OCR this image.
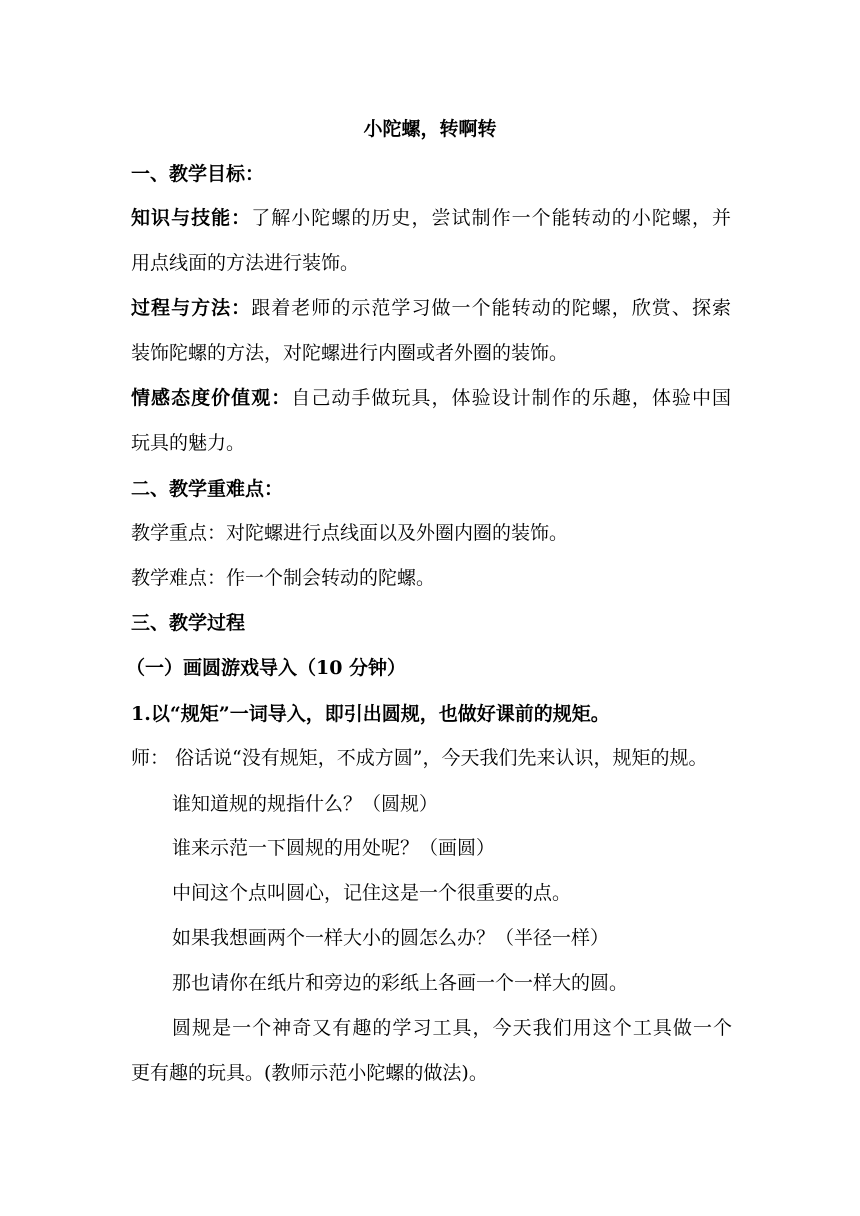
小陀螺，转啊转
一、教学目标：
知识与技能：了解小陀螺的历史，尝试制作一个能转动的小陀螺，并
用点线面的方法进行装饰。
过程与方法：跟着老师的示范学习做一个能转动的陀螺，欣赏、探索
装饰陀螺的方法，对陀螺进行内圈或者外圈的装饰。
情感态度价值观：自己动手做玩具，体验设计制作的乐趣，体验中国
玩具的魅力。
二、教学重难点：
教学重点：对陀螺进行点线面以及外圈内圈的装饰。
教学难点：作一个制会转动的陀螺。
三、教学过程
（一）画圆游戏导入（10 分钟）
1.以“规矩”一词导入，即引出圆规，也做好课前的规矩。
师： 俗话说“没有规矩，不成方圆”，今天我们先来认识，规矩的规。
谁知道规的规指什么？（圆规）
谁来示范一下圆规的用处呢？（画圆）
中间这个点叫圆心，记住这是一个很重要的点。
如果我想画两个一样大小的圆怎么办？（半径一样）
那也请你在纸片和旁边的彩纸上各画一个一样大的圆。
圆规是一个神奇又有趣的学习工具，今天我们用这个工具做一个
更有趣的玩具。(教师示范小陀螺的做法)。
